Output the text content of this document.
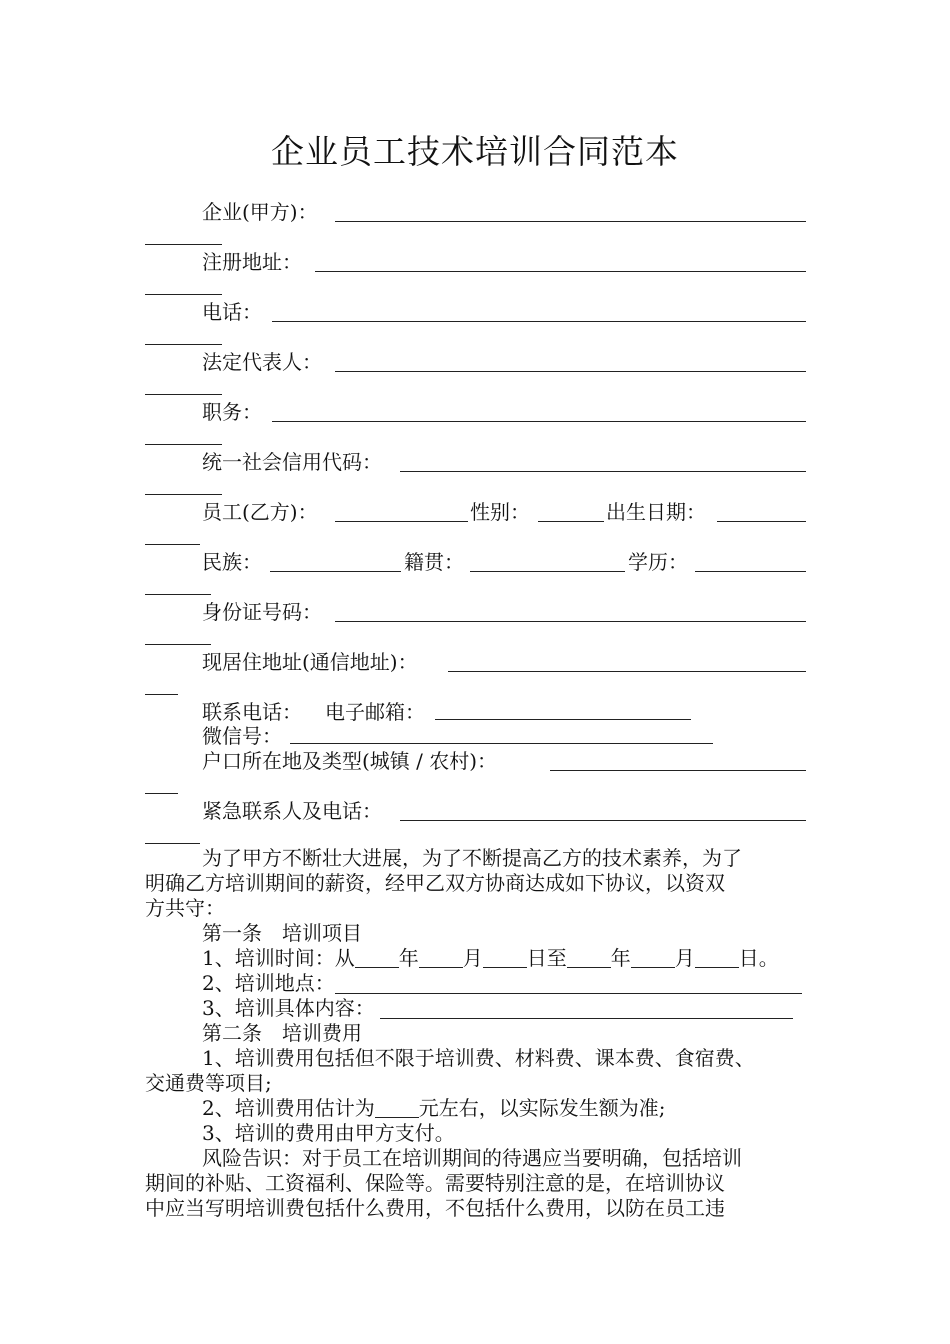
企业员工技术培训合同范本
企业(甲方)：
注册地址：
电话：
法定代表人：
职务：
统一社会信用代码：
员工(乙方)：	性别：	出生日期：
民族：	籍贯：	学历：
身份证号码：
现居住地址(通信地址)：
联系电话： 电子邮箱：
微信号：
户口所在地及类型(城镇 / 农村)：
紧急联系人及电话：
为了甲方不断壮大进展，为了不断提高乙方的技术素养，为了
明确乙方培训期间的薪资，经甲乙双方协商达成如下协议，以资双
方共守：
第一条　培训项目
1、培训时间：从 年 月 日至 年 月 日。
2、培训地点：
3、培训具体内容：
第二条　培训费用
1、培训费用包括但不限于培训费、材料费、课本费、食宿费、
交通费等项目;
2、培训费用估计为 元左右，以实际发生额为准;
3、培训的费用由甲方支付。
风险告识：对于员工在培训期间的待遇应当要明确，包括培训
期间的补贴、工资福利、保险等。需要特别注意的是，在培训协议
中应当写明培训费包括什么费用，不包括什么费用，以防在员工违
